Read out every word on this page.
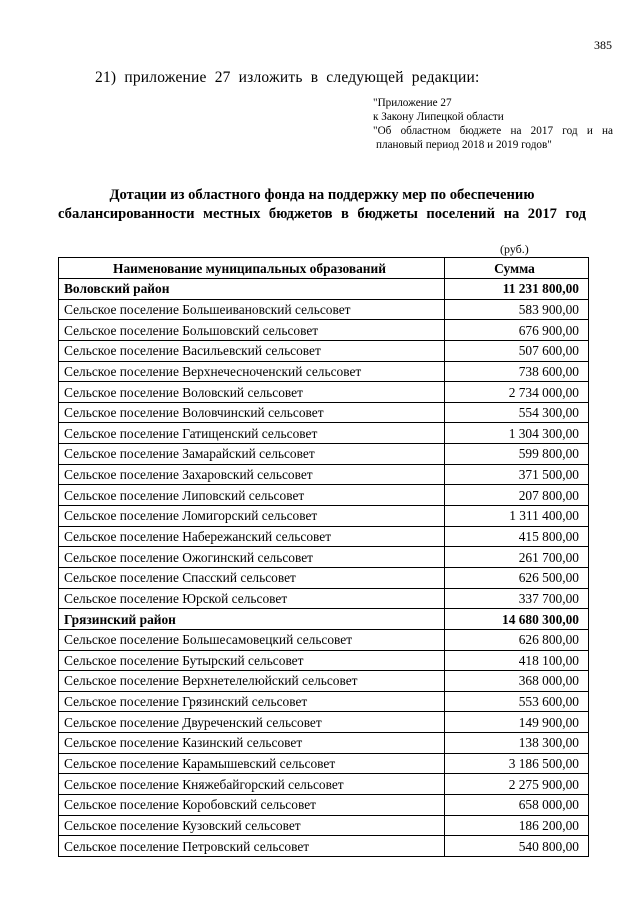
385
21) приложение 27 изложить в следующей редакции:
"Приложение 27
к Закону Липецкой области
"Об областном бюджете на 2017 год и на
плановый период 2018 и 2019 годов"
Дотации из областного фонда на поддержку мер по обеспечению
сбалансированности местных бюджетов в бюджеты поселений на 2017 год
(руб.)
Наименование муниципальных образований	Сумма
Воловский район	11 231 800,00
Сельское поселение Большеивановский сельсовет	583 900,00
Сельское поселение Большовский сельсовет	676 900,00
Сельское поселение Васильевский сельсовет	507 600,00
Сельское поселение Верхнечесноченский сельсовет	738 600,00
Сельское поселение Воловский сельсовет	2 734 000,00
Сельское поселение Воловчинский сельсовет	554 300,00
Сельское поселение Гатищенский сельсовет	1 304 300,00
Сельское поселение Замарайский сельсовет	599 800,00
Сельское поселение Захаровский сельсовет	371 500,00
Сельское поселение Липовский сельсовет	207 800,00
Сельское поселение Ломигорский сельсовет	1 311 400,00
Сельское поселение Набережанский сельсовет	415 800,00
Сельское поселение Ожогинский сельсовет	261 700,00
Сельское поселение Спасский сельсовет	626 500,00
Сельское поселение Юрской сельсовет	337 700,00
Грязинский район	14 680 300,00
Сельское поселение Большесамовецкий сельсовет	626 800,00
Сельское поселение Бутырский сельсовет	418 100,00
Сельское поселение Верхнетелелюйский сельсовет	368 000,00
Сельское поселение Грязинский сельсовет	553 600,00
Сельское поселение Двуреченский сельсовет	149 900,00
Сельское поселение Казинский сельсовет	138 300,00
Сельское поселение Карамышевский сельсовет	3 186 500,00
Сельское поселение Княжебайгорский сельсовет	2 275 900,00
Сельское поселение Коробовский сельсовет	658 000,00
Сельское поселение Кузовский сельсовет	186 200,00
Сельское поселение Петровский сельсовет	540 800,00
